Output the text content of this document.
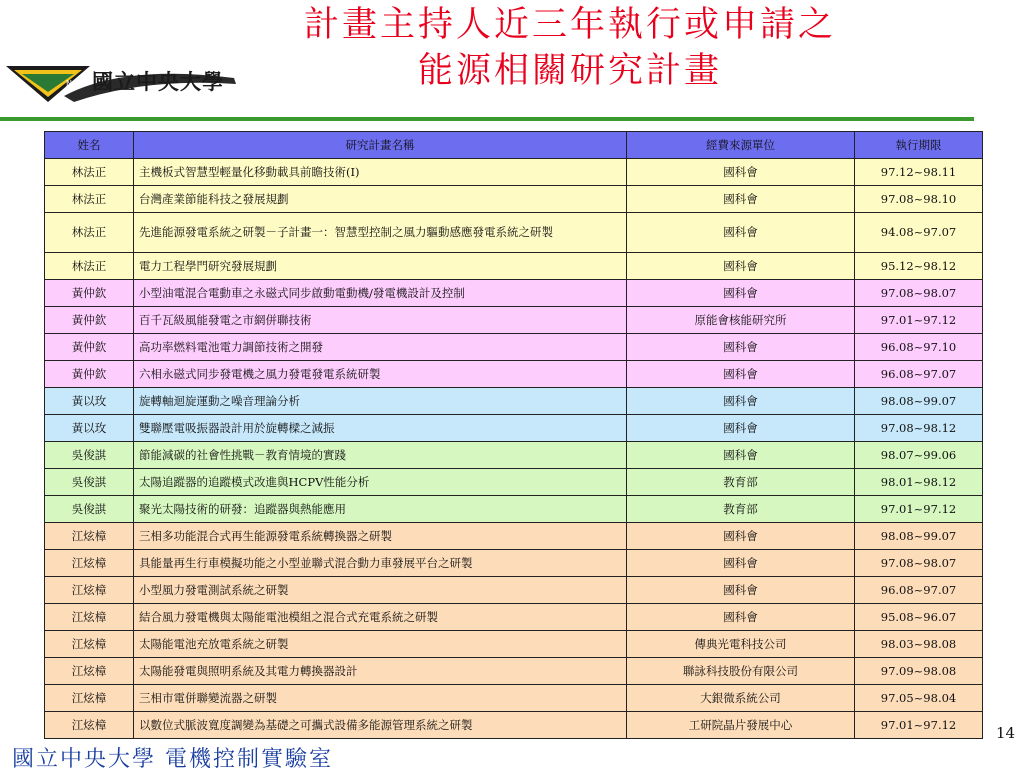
計畫主持人近三年執行或申請之
能源相關研究計畫
NCU 國立中央大學
姓名	研究計畫名稱	經費來源單位	執行期限
林法正	主機板式智慧型輕量化移動載具前瞻技術(I)	國科會	97.12~98.11
林法正	台灣產業節能科技之發展規劃	國科會	97.08~98.10
林法正	先進能源發電系統之研製－子計畫一：智慧型控制之風力驅動感應發電系統之研製	國科會	94.08~97.07
林法正	電力工程學門研究發展規劃	國科會	95.12~98.12
黃仲欽	小型油電混合電動車之永磁式同步啟動電動機/發電機設計及控制	國科會	97.08~98.07
黃仲欽	百千瓦級風能發電之市網併聯技術	原能會核能研究所	97.01~97.12
黃仲欽	高功率燃料電池電力調節技術之開發	國科會	96.08~97.10
黃仲欽	六相永磁式同步發電機之風力發電發電系統研製	國科會	96.08~97.07
黃以玫	旋轉軸迴旋運動之噪音理論分析	國科會	98.08~99.07
黃以玫	雙聯壓電吸振器設計用於旋轉樑之減振	國科會	97.08~98.12
吳俊諆	節能減碳的社會性挑戰－教育情境的實踐	國科會	98.07~99.06
吳俊諆	太陽追蹤器的追蹤模式改進與HCPV性能分析	教育部	98.01~98.12
吳俊諆	聚光太陽技術的研發：追蹤器與熱能應用	教育部	97.01~97.12
江炫樟	三相多功能混合式再生能源發電系統轉換器之研製	國科會	98.08~99.07
江炫樟	具能量再生行車模擬功能之小型並聯式混合動力車發展平台之研製	國科會	97.08~98.07
江炫樟	小型風力發電測試系統之研製	國科會	96.08~97.07
江炫樟	結合風力發電機與太陽能電池模組之混合式充電系統之研製	國科會	95.08~96.07
江炫樟	太陽能電池充放電系統之研製	傳典光電科技公司	98.03~98.08
江炫樟	太陽能發電與照明系統及其電力轉換器設計	聯詠科技股份有限公司	97.09~98.08
江炫樟	三相市電併聯變流器之研製	大銀微系統公司	97.05~98.04
江炫樟	以數位式脈波寬度調變為基礎之可攜式設備多能源管理系統之研製	工研院晶片發展中心	97.01~97.12	14
國立中央大學 電機控制實驗室
